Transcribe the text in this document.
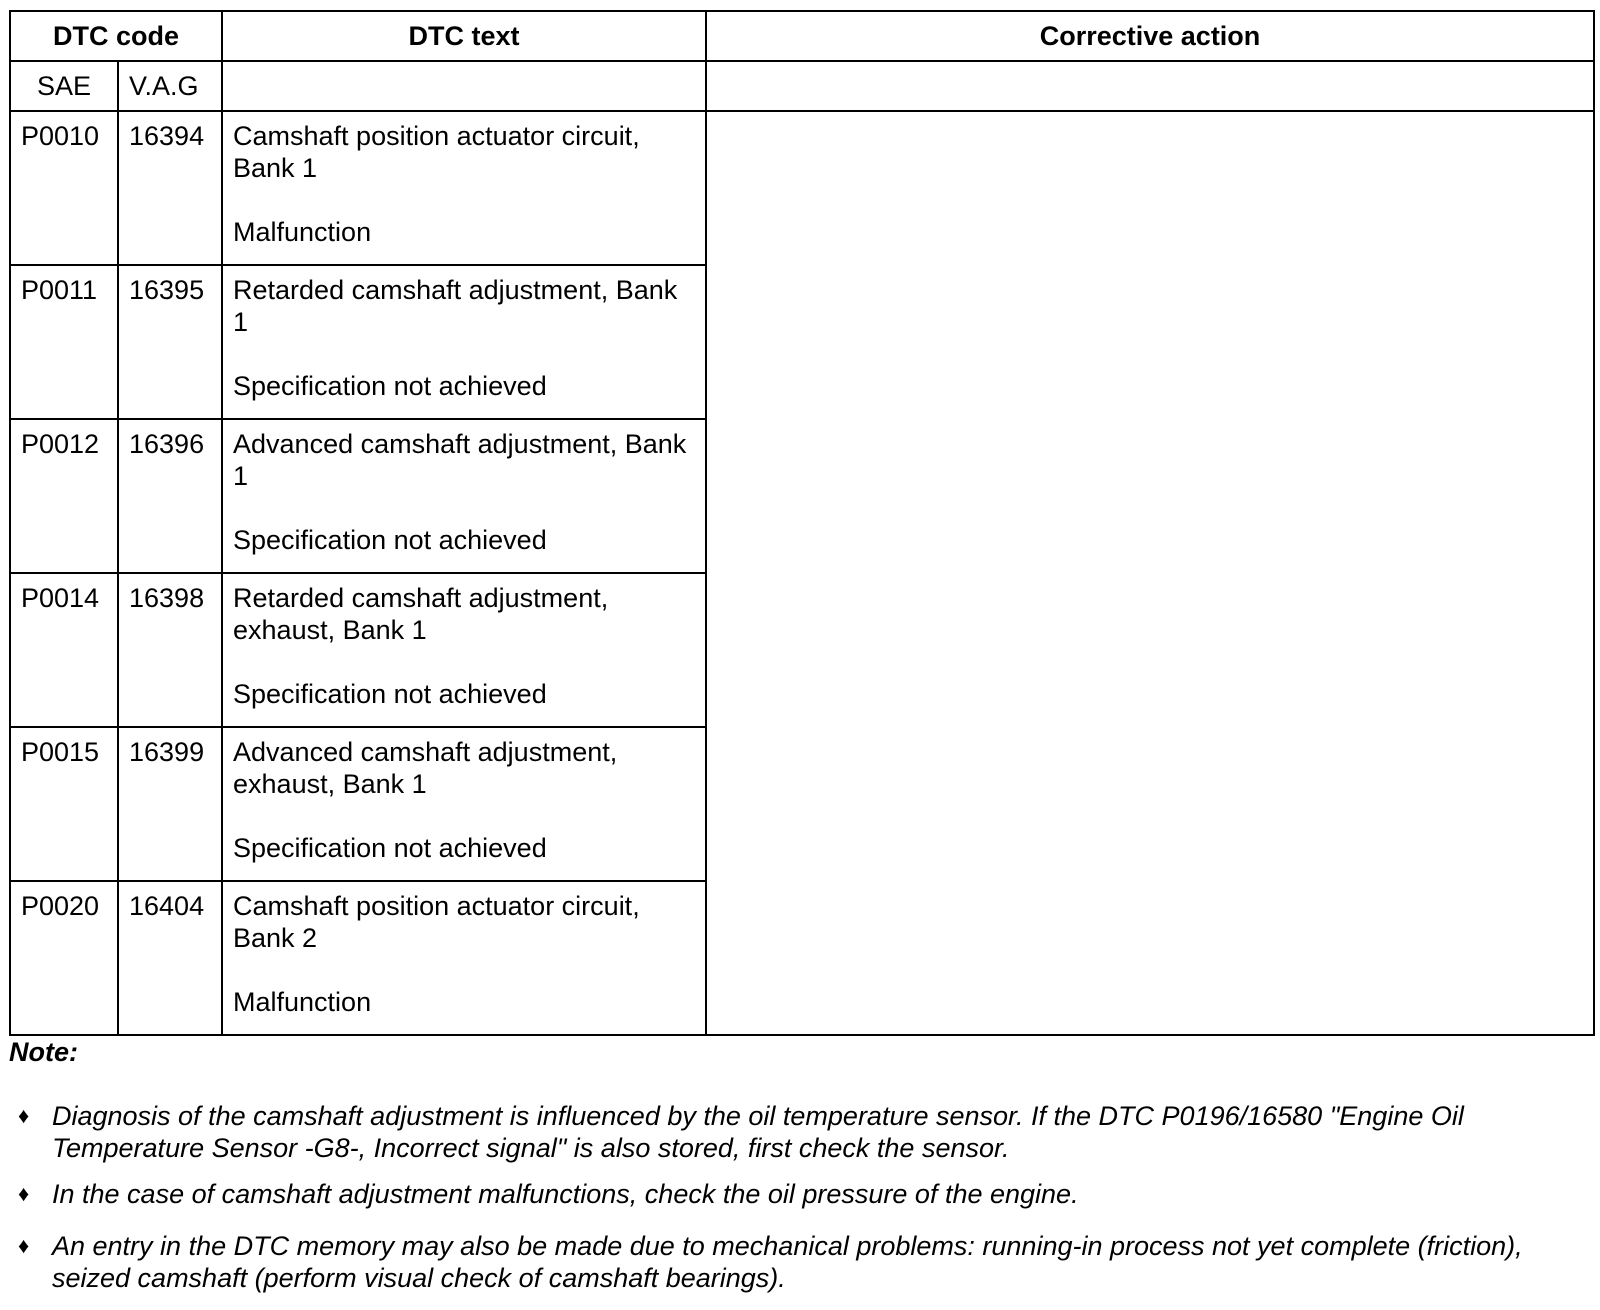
DTC code		DTC text	Corrective action
SAE	V.A.G		
P0010	16394	Camshaft position actuator circuit, Bank 1
Malfunction	

P0011	16395	Retarded camshaft adjustment, Bank 1
Specification not achieved	

P0012	16396	Advanced camshaft adjustment, Bank 1
Specification not achieved	

P0014	16398	Retarded camshaft adjustment, exhaust, Bank 1
Specification not achieved	

P0015	16399	Advanced camshaft adjustment, exhaust, Bank 1
Specification not achieved	

P0020	16404	Camshaft position actuator circuit, Bank 2
Malfunction	
Note:
♦ Diagnosis of the camshaft adjustment is influenced by the oil temperature sensor. If the DTC P0196/16580 "Engine Oil Temperature Sensor -G8-, Incorrect signal" is also stored, first check the sensor.
♦ In the case of camshaft adjustment malfunctions, check the oil pressure of the engine.
♦ An entry in the DTC memory may also be made due to mechanical problems: running-in process not yet complete (friction), seized camshaft (perform visual check of camshaft bearings).
